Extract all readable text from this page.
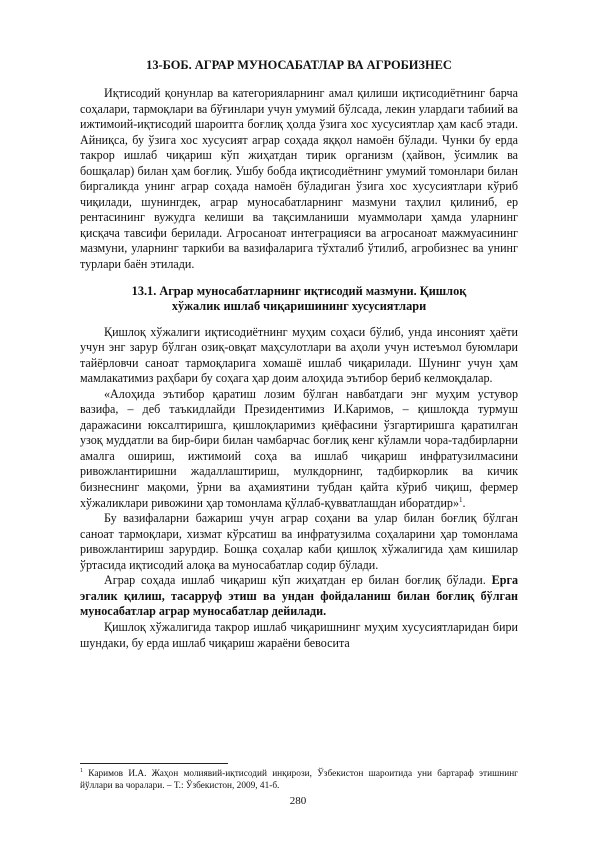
13-БОБ. АГРАР МУНОСАБАТЛАР ВА АГРОБИЗНЕС

Иқтисодий қонунлар ва категорияларнинг амал қилиши иқтисодиётнинг барча соҳалари, тармоқлари ва бўғинлари учун умумий бўлсада, лекин улардаги табиий ва ижтимоий-иқтисодий шароитга боғлиқ ҳолда ўзига хос хусусиятлар ҳам касб этади. Айниқса, бу ўзига хос хусусият аграр соҳада яққол намоён бўлади. Чунки бу ерда такрор ишлаб чиқариш кўп жиҳатдан тирик организм (ҳайвон, ўсимлик ва бошқалар) билан ҳам боғлиқ. Ушбу бобда иқтисодиётнинг умумий томонлари билан биргаликда унинг аграр соҳада намоён бўладиган ўзига хос хусусиятлари кўриб чиқилади, шунингдек, аграр муносабатларнинг мазмуни таҳлил қилиниб, ер рентасининг вужудга келиши ва тақсимланиши муаммолари ҳамда уларнинг қисқача тавсифи берилади. Агросаноат интеграцияси ва агросаноат мажмуасининг мазмуни, уларнинг таркиби ва вазифаларига тўхталиб ўтилиб, агробизнес ва унинг турлари баён этилади.

13.1. Аграр муносабатларнинг иқтисодий мазмуни. Қишлоқ
хўжалик ишлаб чиқаришининг хусусиятлари

Қишлоқ хўжалиги иқтисодиётнинг муҳим соҳаси бўлиб, унда инсоният ҳаёти учун энг зарур бўлган озиқ-овқат маҳсулотлари ва аҳоли учун истеъмол буюмлари тайёрловчи саноат тармоқларига хомашё ишлаб чиқарилади. Шунинг учун ҳам мамлакатимиз раҳбари бу соҳага ҳар доим алоҳида эътибор бериб келмоқдалар.

«Алоҳида эътибор қаратиш лозим бўлган навбатдаги энг муҳим устувор вазифа, – деб таъкидлайди Президентимиз И.Каримов, – қишлоқда турмуш даражасини юксалтиришга, қишлоқларимиз қиёфасини ўзгартиришга қаратилган узоқ муддатли ва бир-бири билан чамбарчас боғлиқ кенг кўламли чора-тадбирларни амалга ошириш, ижтимоий соҳа ва ишлаб чиқариш инфратузилмасини ривожлантиришни жадаллаштириш, мулкдорнинг, тадбиркорлик ва кичик бизнеснинг мақоми, ўрни ва аҳамиятини тубдан қайта кўриб чиқиш, фермер хўжаликлари ривожини ҳар томонлама қўллаб-қувватлашдан иборатдир»$^1$.

Бу вазифаларни бажариш учун аграр соҳани ва улар билан боғлиқ бўлган саноат тармоқлари, хизмат кўрсатиш ва инфратузилма соҳаларини ҳар томонлама ривожлантириш зарурдир. Бошқа соҳалар каби қишлоқ хўжалигида ҳам кишилар ўртасида иқтисодий алоқа ва муносабатлар содир бўлади.

Аграр соҳада ишлаб чиқариш кўп жиҳатдан ер билан боғлиқ бўлади. Ерга эгалик қилиш, тасарруф этиш ва ундан фойдаланиш билан боғлиқ бўлган муносабатлар аграр муносабатлар дейилади.

Қишлоқ хўжалигида такрор ишлаб чиқаришнинг муҳим хусусиятларидан бири шундаки, бу ерда ишлаб чиқариш жараёни бевосита

$^1$ Каримов И.А. Жаҳон молиявий-иқтисодий инқирози, Ўзбекистон шароитида уни бартараф этишнинг йўллари ва чоралари. – Т.: Ўзбекистон, 2009, 41-б.
280
